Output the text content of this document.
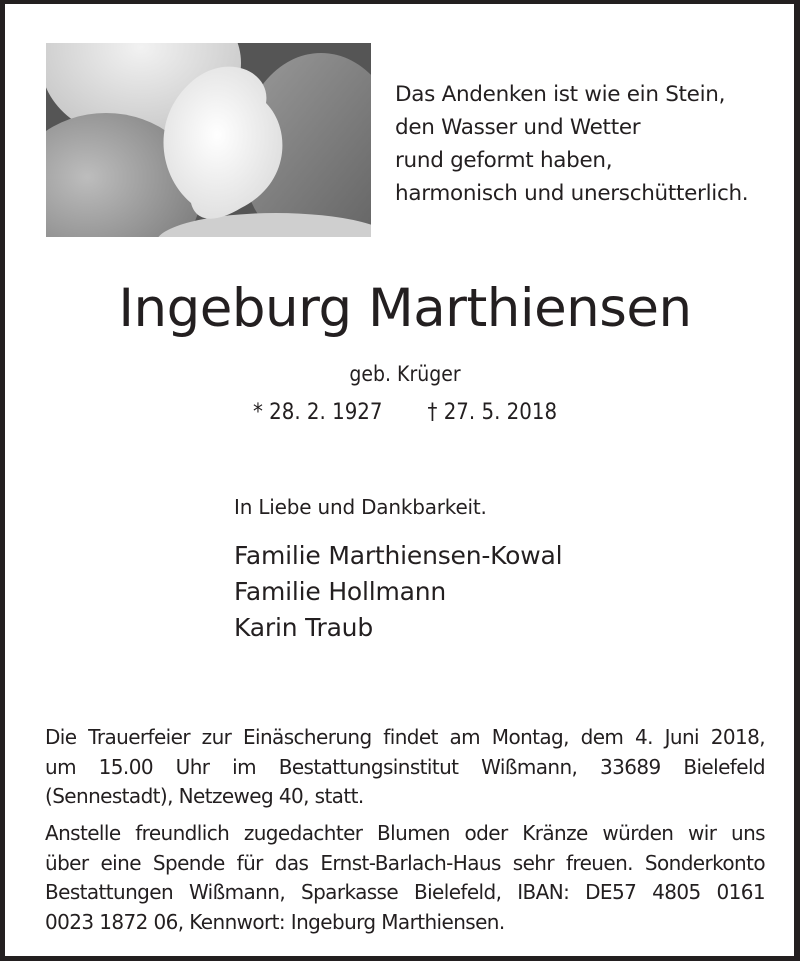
Das Andenken ist wie ein Stein,
den Wasser und Wetter
rund geformt haben,
harmonisch und unerschütterlich.
Ingeburg Marthiensen
geb. Krüger
* 28. 2. 1927 † 27. 5. 2018
In Liebe und Dankbarkeit.
Familie Marthiensen-Kowal
Familie Hollmann
Karin Traub
Die Trauerfeier zur Einäscherung findet am Montag, dem 4. Juni 2018,
um 15.00 Uhr im Bestattungsinstitut Wißmann, 33689 Bielefeld
(Sennestadt), Netzeweg 40, statt.
Anstelle freundlich zugedachter Blumen oder Kränze würden wir uns
über eine Spende für das Ernst-Barlach-Haus sehr freuen. Sonderkonto
Bestattungen Wißmann, Sparkasse Bielefeld, IBAN: DE57 4805 0161
0023 1872 06, Kennwort: Ingeburg Marthiensen.
